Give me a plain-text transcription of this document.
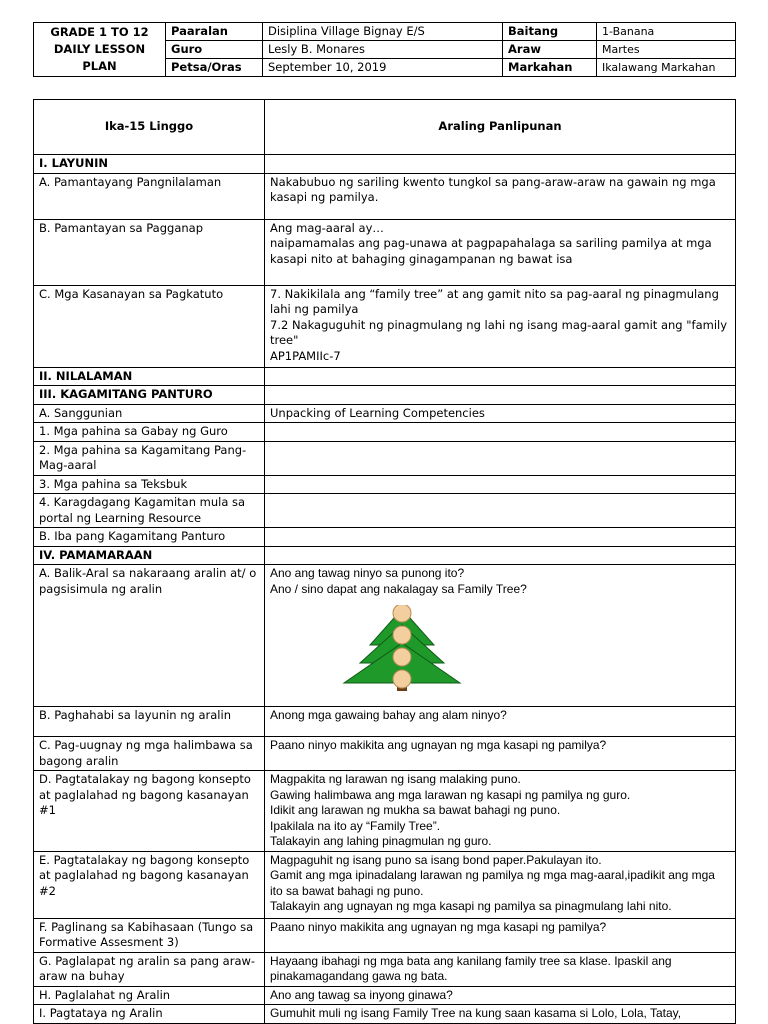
GRADE 1 TO 12 DAILY LESSON PLAN	Paaralan	Disiplina Village Bignay E/S	Baitang	1-Banana
	Guro	Lesly B. Monares	Araw	Martes
	Petsa/Oras	September 10, 2019	Markahan	Ikalawang Markahan
Ika-15 Linggo	Araling Panlipunan
I. LAYUNIN	
A. Pamantayang Pangnilalaman	Nakabubuo ng sariling kwento tungkol sa pang-araw-araw na gawain ng mga kasapi ng pamilya.

B. Pamantayan sa Pagganap	Ang mag-aaral ay…
naipamamalas ang pag-unawa at pagpapahalaga sa sariling pamilya at mga kasapi nito at bahaging ginagampanan ng bawat isa

C. Mga Kasanayan sa Pagkatuto	7. Nakikilala ang “family tree” at ang gamit nito sa pag-aaral ng pinagmulang lahi ng pamilya
7.2 Nakaguguhit ng pinagmulang ng lahi ng isang mag-aaral gamit ang "family tree"
AP1PAMIIc-7

II. NILALAMAN	
III. KAGAMITANG PANTURO	
A. Sanggunian	Unpacking of Learning Competencies

1. Mga pahina sa Gabay ng Guro	
2. Mga pahina sa Kagamitang Pang-Mag-aaral	
3. Mga pahina sa Teksbuk	
4. Karagdagang Kagamitan mula sa portal ng Learning Resource	
B. Iba pang Kagamitang Panturo	
IV. PAMAMARAAN	
A. Balik-Aral sa nakaraang aralin at/ o pagsisimula ng aralin	Ano ang tawag ninyo sa punong ito?
Ano / sino dapat ang nakalagay sa Family Tree?

B. Paghahabi sa layunin ng aralin	Anong mga gawaing bahay ang alam ninyo?

C. Pag-uugnay ng mga halimbawa sa bagong aralin	Paano ninyo makikita ang ugnayan ng mga kasapi ng pamilya?

D. Pagtatalakay ng bagong konsepto at paglalahad ng bagong kasanayan #1	Magpakita ng larawan ng isang malaking puno.
Gawing halimbawa ang mga larawan ng kasapi ng pamilya ng guro.
Idikit ang larawan ng mukha sa bawat bahagi ng puno.
Ipakilala na ito ay “Family Tree”.
Talakayin ang lahing pinagmulan ng guro.

E. Pagtatalakay ng bagong konsepto at paglalahad ng bagong kasanayan #2	Magpaguhit ng isang puno sa isang bond paper.Pakulayan ito.
Gamit ang mga ipinadalang larawan ng pamilya ng mga mag-aaral,ipadikit ang mga ito sa bawat bahagi ng puno.
Talakayin ang ugnayan ng mga kasapi ng pamilya sa pinagmulang lahi nito.

F. Paglinang sa Kabihasaan (Tungo sa Formative Assesment 3)	Paano ninyo makikita ang ugnayan ng mga kasapi ng pamilya?

G. Paglalapat ng aralin sa pang araw-araw na buhay	Hayaang ibahagi ng mga bata ang kanilang family tree sa klase. Ipaskil ang pinakamagandang gawa ng bata.

H. Paglalahat ng Aralin	Ano ang tawag sa inyong ginawa?

I. Pagtataya ng Aralin	Gumuhit muli ng isang Family Tree na kung saan kasama si Lolo, Lola, Tatay,
